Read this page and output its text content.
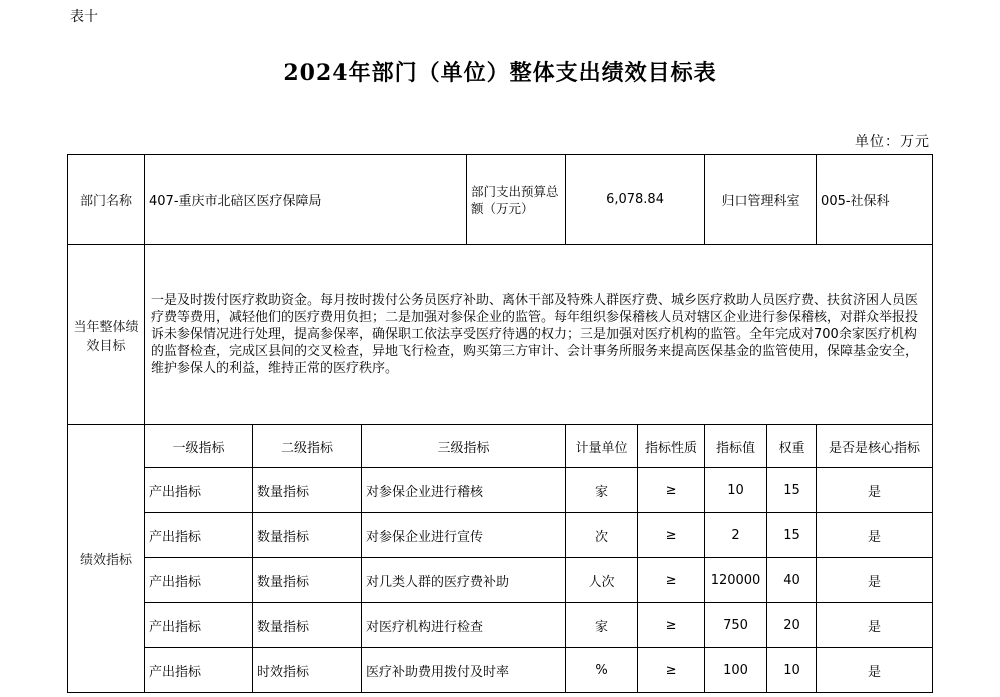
表十
2024年部门（单位）整体支出绩效目标表
单位：万元
部门名称	407-重庆市北碚区医疗保障局			部门支出预算总额（万元）	6,078.84		归口管理科室		005-社保科
当年整体绩效目标	一是及时拨付医疗救助资金。每月按时拨付公务员医疗补助、离休干部及特殊人群医疗费、城乡医疗救助人员医疗费、扶贫济困人员医疗费等费用，减轻他们的医疗费用负担；二是加强对参保企业的监管。每年组织参保稽核人员对辖区企业进行参保稽核，对群众举报投诉未参保情况进行处理，提高参保率，确保职工依法享受医疗待遇的权力；三是加强对医疗机构的监管。全年完成对700余家医疗机构的监督检查，完成区县间的交叉检查，异地飞行检查，购买第三方审计、会计事务所服务来提高医保基金的监管使用，保障基金安全，维护参保人的利益，维持正常的医疗秩序。								
绩效指标	一级指标	二级指标	三级指标		计量单位	指标性质	指标值	权重	是否是核心指标
	产出指标	数量指标	对参保企业进行稽核		家	≥	10	15	是
	产出指标	数量指标	对参保企业进行宣传		次	≥	2	15	是
	产出指标	数量指标	对几类人群的医疗费补助		人次	≥	120000	40	是
	产出指标	数量指标	对医疗机构进行检查		家	≥	750	20	是
	产出指标	时效指标	医疗补助费用拨付及时率		%	≥	100	10	是
